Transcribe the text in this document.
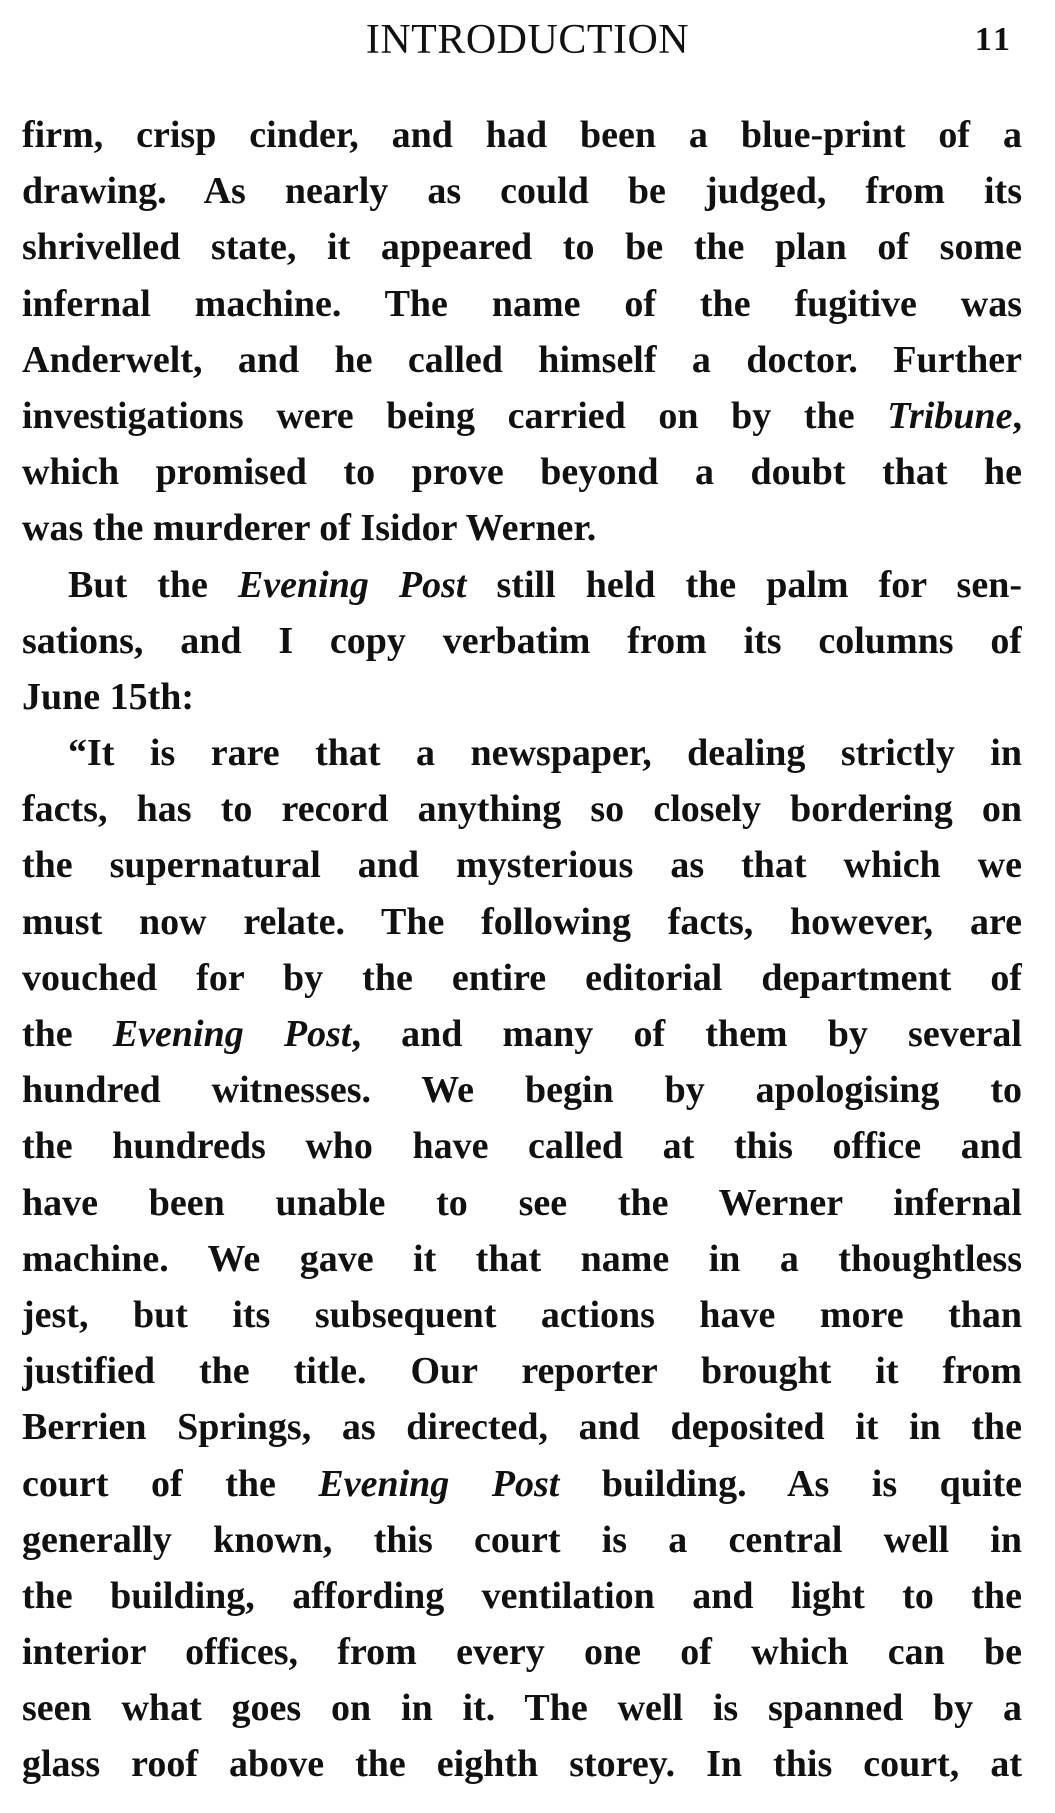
INTRODUCTION	11
firm, crisp cinder, and had been a blue-print of a
drawing. As nearly as could be judged, from its
shrivelled state, it appeared to be the plan of some
infernal machine. The name of the fugitive was
Anderwelt, and he called himself a doctor. Further
investigations were being carried on by the Tribune,
which promised to prove beyond a doubt that he
was the murderer of Isidor Werner.
But the Evening Post still held the palm for sen-
sations, and I copy verbatim from its columns of
June 15th:
“It is rare that a newspaper, dealing strictly in
facts, has to record anything so closely bordering on
the supernatural and mysterious as that which we
must now relate. The following facts, however, are
vouched for by the entire editorial department of
the Evening Post, and many of them by several
hundred witnesses. We begin by apologising to
the hundreds who have called at this office and
have been unable to see the Werner infernal
machine. We gave it that name in a thoughtless
jest, but its subsequent actions have more than
justified the title. Our reporter brought it from
Berrien Springs, as directed, and deposited it in the
court of the Evening Post building. As is quite
generally known, this court is a central well in
the building, affording ventilation and light to the
interior offices, from every one of which can be
seen what goes on in it. The well is spanned by a
glass roof above the eighth storey. In this court, at
